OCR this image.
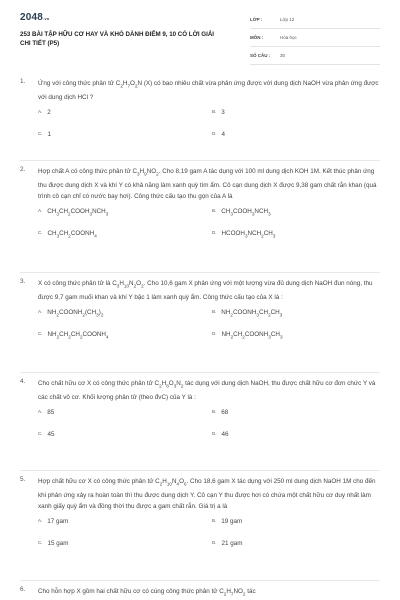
2048.vn
253 BÀI TẬP HỮU CƠ HAY VÀ KHÓ DÀNH ĐIỂM 9, 10 CÓ LỜI GIẢI CHI TIẾT (P5)
LỚP :	Lớp 12
MÔN :	Hóa học
SỐ CÂU : 30
1. Ứng với công thức phân tử $C_2H_7O_2N$ (X) có bao nhiêu chất vừa phản ứng được với dung dịch NaOH vừa phản ứng được với dung dịch HCl ?
A. 2	B. 3
C. 1	D. 4
2. Hợp chất A có công thức phân tử $C_3H_9NO_2$. Cho 8,19 gam A tác dụng với 100 ml dung dịch KOH 1M. Kết thúc phản ứng thu được dung dịch X và khí Y có khả năng làm xanh quỳ tím ẩm. Cô cạn dung dịch X được 9,38 gam chất rắn khan (quá trình cô cạn chỉ có nước bay hơi). Công thức cấu tạo thu gọn của A là
A. $CH_3CH_2COOH_3NCH_3$
B. $CH_3COOH_3NCH_3$
C. $CH_3CH_2COONH_4$
D. $HCOOH_3NCH_2CH_3$
3. X có công thức phân tử là $C_3H_{10}N_2O_2$. Cho 10,6 gam X phản ứng với một lượng vừa đủ dung dịch NaOH đun nóng, thu được 9,7 gam muối khan và khí Y bậc 1 làm xanh quỳ ẩm. Công thức cấu tạo của X là :
A. $NH_2COONH_2(CH_3)_2$
B. $NH_2COONH_3CH_2CH_3$
C. $NH_2CH_2CH_2COONH_4$
D. $NH_2CH_2COONH_3CH_3$
4. Cho chất hữu cơ X có công thức phân tử $C_2H_8O_3N_2$ tác dụng với dung dịch NaOH, thu được chất hữu cơ đơn chức Y và các chất vô cơ. Khối lượng phân tử (theo đvC) của Y là :
A. 85	B. 68
C. 45	D. 46
5. Hợp chất hữu cơ X có công thức phân tử $C_2H_{10}N_4O_6$. Cho 18,6 gam X tác dụng với 250 ml dung dịch NaOH 1M cho đến khi phản ứng xảy ra hoàn toàn thì thu được dung dịch Y. Cô cạn Y thu được hơi có chứa một chất hữu cơ duy nhất làm xanh giấy quỳ ẩm và đồng thời thu được a gam chất rắn. Giá trị a là
A. 17 gam	B. 19 gam
C. 15 gam	D. 21 gam
6. Cho hỗn hợp X gồm hai chất hữu cơ có cùng công thức phân tử $C_2H_7NO_2$ tác
